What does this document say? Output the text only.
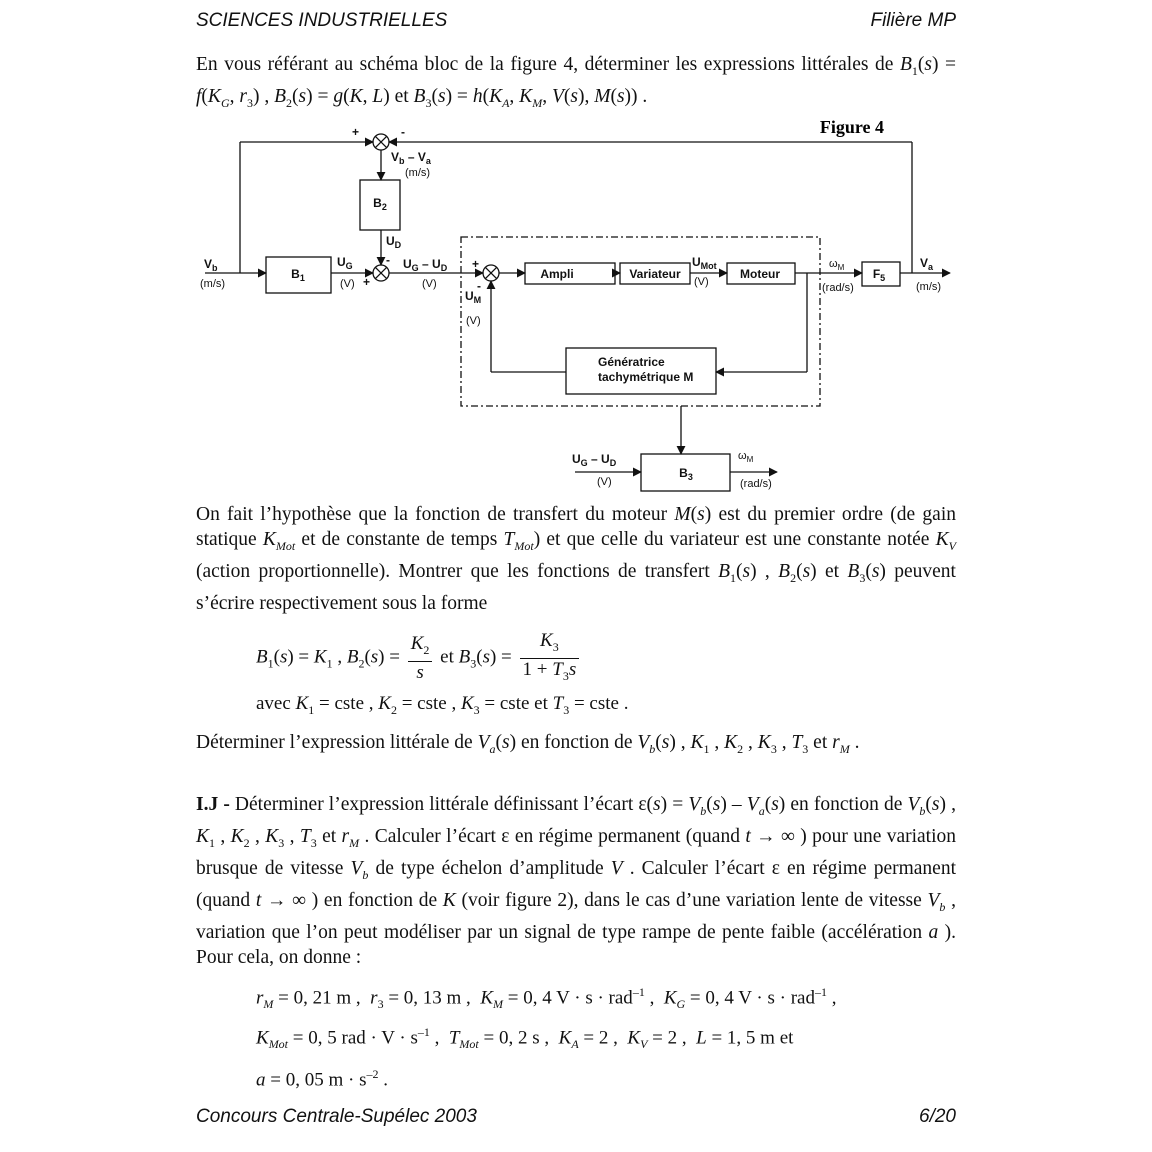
SCIENCES INDUSTRIELLES	Filière MP
En vous référant au schéma bloc de la figure 4, déterminer les expressions littérales de $B_1(s) = f(K_G$, $r_3$) , $B_2(s) = g(K$, L) et $B_3(s) = h(K_A$, $K_M$, V(s), M(s)) .
Figure 4
$B_1$
$B_2$
$B_3$
Ampli	Variateur	Moteur	$F_5$
Génératrice
tachymétrique M
$V_b$	$U_G$
$U_D$
$U_G - U_D$	$U_{Mot}$
$U_M$
$V_a$
$V_b - V_a$
$U_G - U_D$
$\omega_M$
$\omega_M$
(m/s)	(V)	(V)	(V)
(V)
(rad/s)	(m/s)
(m/s)
(V)	(rad/s)
+	-
-
+
+
-
On fait l’hypothèse que la fonction de transfert du moteur M(s) est du premier ordre (de gain statique $K_{Mot}$ et de constante de temps $T_{Mot}$) et que celle du variateur est une constante notée $K_V$ (action proportionnelle). Montrer que les fonctions de transfert $B_1(s)$ , $B_2(s)$ et $B_3(s)$ peuvent s’écrire respectivement sous la forme
$B_1(s) = K_1$ , $B_2(s) = \frac{K_2}{s}$ et $B_3(s) = \frac{K_3}{1 + T_3s}$
avec $K_1$ = cste , $K_2$ = cste , $K_3$ = cste et $T_3$ = cste .
Déterminer l’expression littérale de $V_a(s)$ en fonction de $V_b(s)$ , $K_1$ , $K_2$ , $K_3$ , $T_3$ et $r_M$ .
I.J - Déterminer l’expression littérale définissant l’écart $\varepsilon(s) = V_b(s) - V_a(s)$ en fonction de $V_b(s)$ , $K_1$ , $K_2$ , $K_3$ , $T_3$ et $r_M$ . Calculer l’écart ε en régime permanent (quand t → ∞ ) pour une variation brusque de vitesse $V_b$ de type échelon d’amplitude V . Calculer l’écart ε en régime permanent (quand t → ∞ ) en fonction de K (voir figure 2), dans le cas d’une variation lente de vitesse $V_b$ , variation que l’on peut modéliser par un signal de type rampe de pente faible (accélération a ). Pour cela, on donne :
$r_M = 0$, 21 m ,  $r_3 = 0$, 13 m ,  $K_M = 0$, 4 V · s · rad$^{-1}$ ,  $K_G = 0$, 4 V · s · rad$^{-1}$ ,
$K_{Mot} = 0$, 5 rad · $V \cdot s^{-1}$ ,  $T_{Mot} = 0$, 2 s ,  $K_A = 2$ ,  $K_V = 2$ ,  L = 1, 5 m et
a = 0, 05 $m \cdot s^{-2}$ .
Concours Centrale-Supélec 2003	6/20
